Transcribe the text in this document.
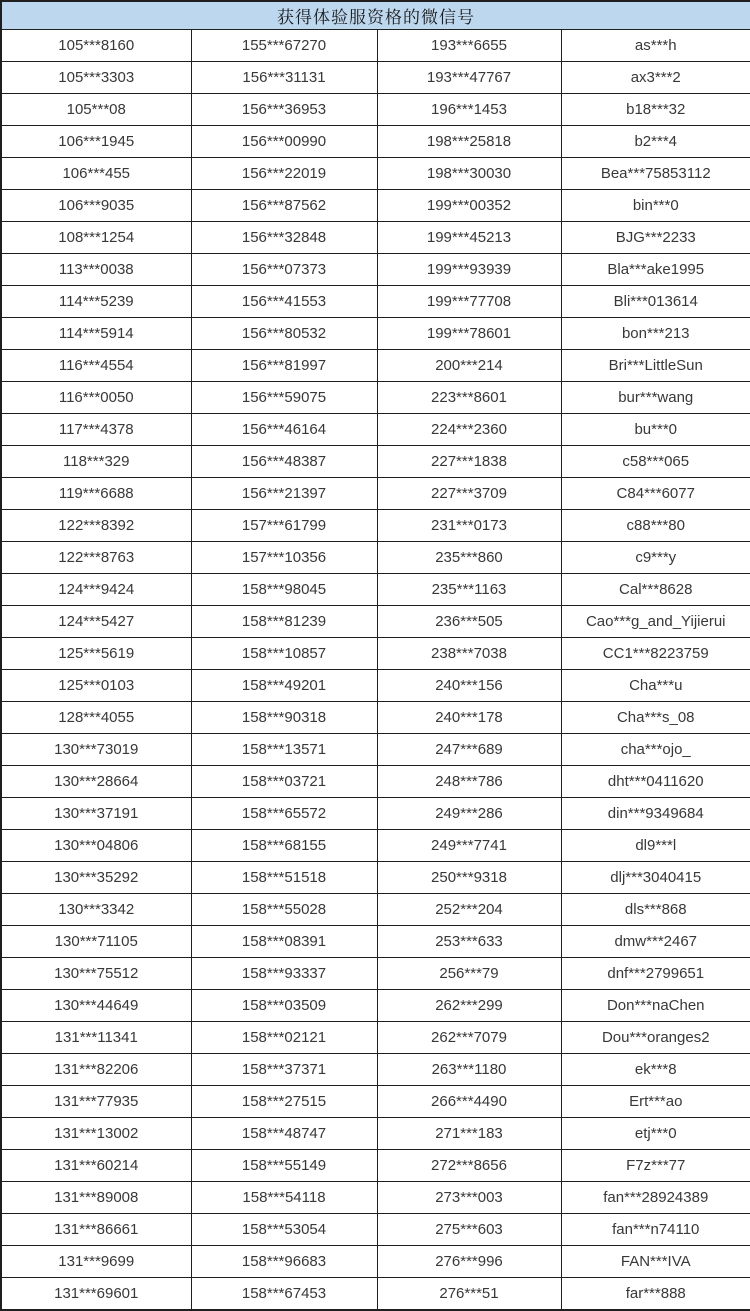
获得体验服资格的微信号			
105***8160	155***67270	193***6655	as***h
105***3303	156***31131	193***47767	ax3***2
105***08	156***36953	196***1453	b18***32
106***1945	156***00990	198***25818	b2***4
106***455	156***22019	198***30030	Bea***75853112
106***9035	156***87562	199***00352	bin***0
108***1254	156***32848	199***45213	BJG***2233
113***0038	156***07373	199***93939	Bla***ake1995
114***5239	156***41553	199***77708	Bli***013614
114***5914	156***80532	199***78601	bon***213
116***4554	156***81997	200***214	Bri***LittleSun
116***0050	156***59075	223***8601	bur***wang
117***4378	156***46164	224***2360	bu***0
118***329	156***48387	227***1838	c58***065
119***6688	156***21397	227***3709	C84***6077
122***8392	157***61799	231***0173	c88***80
122***8763	157***10356	235***860	c9***y
124***9424	158***98045	235***1163	Cal***8628
124***5427	158***81239	236***505	Cao***g_and_Yijierui
125***5619	158***10857	238***7038	CC1***8223759
125***0103	158***49201	240***156	Cha***u
128***4055	158***90318	240***178	Cha***s_08
130***73019	158***13571	247***689	cha***ojo_
130***28664	158***03721	248***786	dht***0411620
130***37191	158***65572	249***286	din***9349684
130***04806	158***68155	249***7741	dl9***l
130***35292	158***51518	250***9318	dlj***3040415
130***3342	158***55028	252***204	dls***868
130***71105	158***08391	253***633	dmw***2467
130***75512	158***93337	256***79	dnf***2799651
130***44649	158***03509	262***299	Don***naChen
131***11341	158***02121	262***7079	Dou***oranges2
131***82206	158***37371	263***1180	ek***8
131***77935	158***27515	266***4490	Ert***ao
131***13002	158***48747	271***183	etj***0
131***60214	158***55149	272***8656	F7z***77
131***89008	158***54118	273***003	fan***28924389
131***86661	158***53054	275***603	fan***n74110
131***9699	158***96683	276***996	FAN***IVA
131***69601	158***67453	276***51	far***888
